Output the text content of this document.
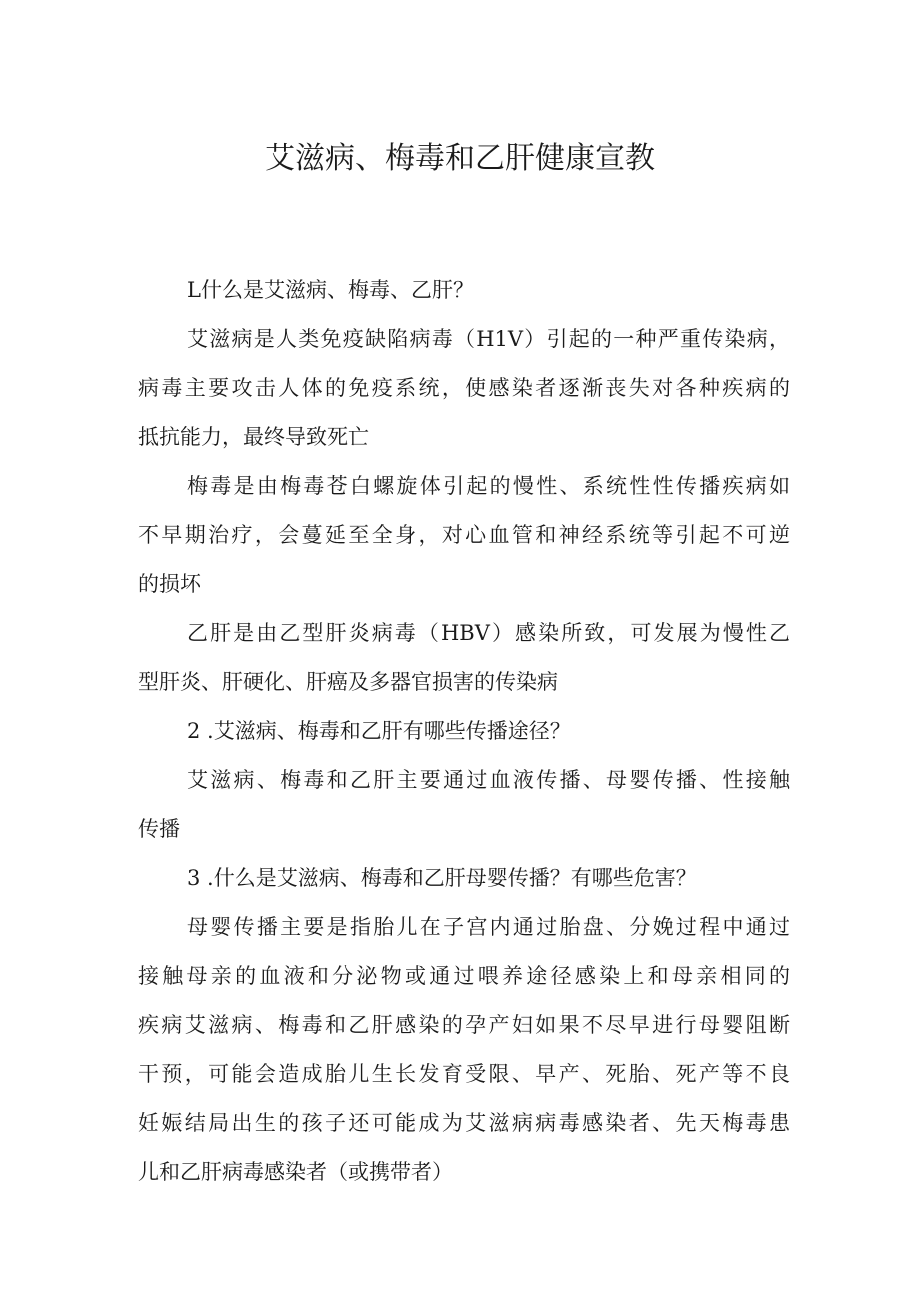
艾滋病、梅毒和乙肝健康宣教
L什么是艾滋病、梅毒、乙肝？
艾滋病是人类免疫缺陷病毒（H1V）引起的一种严重传染病，
病毒主要攻击人体的免疫系统，使感染者逐渐丧失对各种疾病的
抵抗能力，最终导致死亡
梅毒是由梅毒苍白螺旋体引起的慢性、系统性性传播疾病如
不早期治疗，会蔓延至全身，对心血管和神经系统等引起不可逆
的损坏
乙肝是由乙型肝炎病毒（HBV）感染所致，可发展为慢性乙
型肝炎、肝硬化、肝癌及多器官损害的传染病
2 .艾滋病、梅毒和乙肝有哪些传播途径？
艾滋病、梅毒和乙肝主要通过血液传播、母婴传播、性接触
传播
3 .什么是艾滋病、梅毒和乙肝母婴传播？有哪些危害？
母婴传播主要是指胎儿在子宫内通过胎盘、分娩过程中通过
接触母亲的血液和分泌物或通过喂养途径感染上和母亲相同的
疾病艾滋病、梅毒和乙肝感染的孕产妇如果不尽早进行母婴阻断
干预，可能会造成胎儿生长发育受限、早产、死胎、死产等不良
妊娠结局出生的孩子还可能成为艾滋病病毒感染者、先天梅毒患
儿和乙肝病毒感染者（或携带者）
